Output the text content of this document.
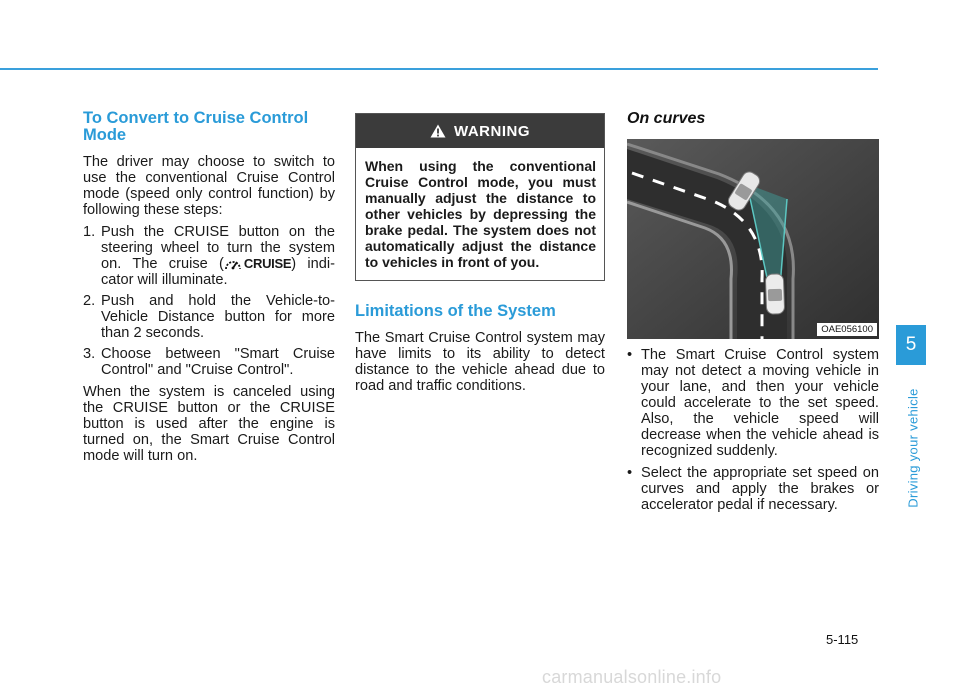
To Convert to Cruise Control Mode

The driver may choose to switch to use the conventional Cruise Control mode (speed only control function) by following these steps:

1. Push the CRUISE button on the steering wheel to turn the system on. The cruise ( CRUISE ) indi-cator will illuminate.
2. Push and hold the Vehicle-to-Vehicle Distance button for more than 2 seconds.
3. Choose between "Smart Cruise Control" and "Cruise Control".

When the system is canceled using the CRUISE button or the CRUISE button is used after the engine is turned on, the Smart Cruise Control mode will turn on.

WARNING
When using the conventional Cruise Control mode, you must manually adjust the distance to other vehicles by depressing the brake pedal. The system does not automatically adjust the distance to vehicles in front of you.
Limitations of the System

The Smart Cruise Control system may have limits to its ability to detect distance to the vehicle ahead due to road and traffic conditions.

On curves
OAE056100
• The Smart Cruise Control system may not detect a moving vehicle in your lane, and then your vehicle could accelerate to the set speed. Also, the vehicle speed will decrease when the vehicle ahead is recognized suddenly.
• Select the appropriate set speed on curves and apply the brakes or accelerator pedal if necessary.
5
Driving your vehicle
5-115
carmanualsonline.info
